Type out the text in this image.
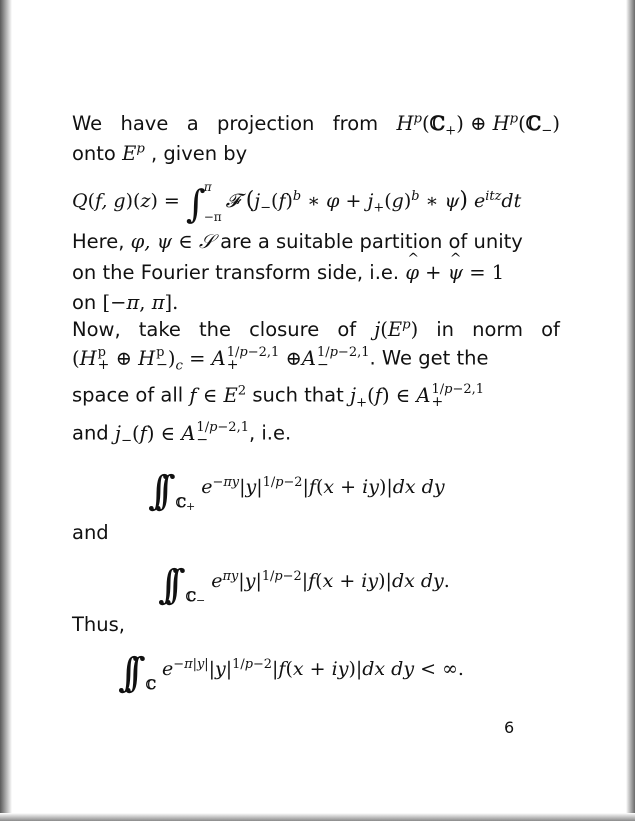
We have a projection from $H^p(ℂ_+)$ ⊕ $H^p(ℂ_-)$
onto $E^p$ , given by
Q(f, g)(z) = ∫
π
−π
𝓕 ($j_-(f)^b$ ∗ $\varphi + j_+(g)^b$ ∗ ψ) $e^{itz}dt$
Here, φ, ψ ∈ 𝒮 are a suitable partition of unity
on the Fourier transform side, i.e. ^ φ + ^ ψ = 1
on [−π, π].
Now, take the closure of $j(E^p)$ in norm of
(H p
+ ⊕ H p
− )$_c = A$ 1/p−2,1
+ ⊕A 1/p−2,1
− . We get the
space of all f ∈ $E^2$ such that $j_+(f)$ ∈ A 1/p−2,1
+
and $j_-(f)$ ∈ A 1/p−2,1
− , i.e.
∫∫ $_{ℂ_+}e^{-\pi y}|y|^{1/p-2}|f(x + iy)|dx$ dy
and
∫∫ $_{ℂ_-}e^{\pi y}|y|^{1/p-2}|f(x + iy)|dx$ dy.
Thus,
∫∫ $_ℂe^{-\pi|y|}|y|^{1/p-2}|f(x + iy)|dx$ dy < ∞.
6
